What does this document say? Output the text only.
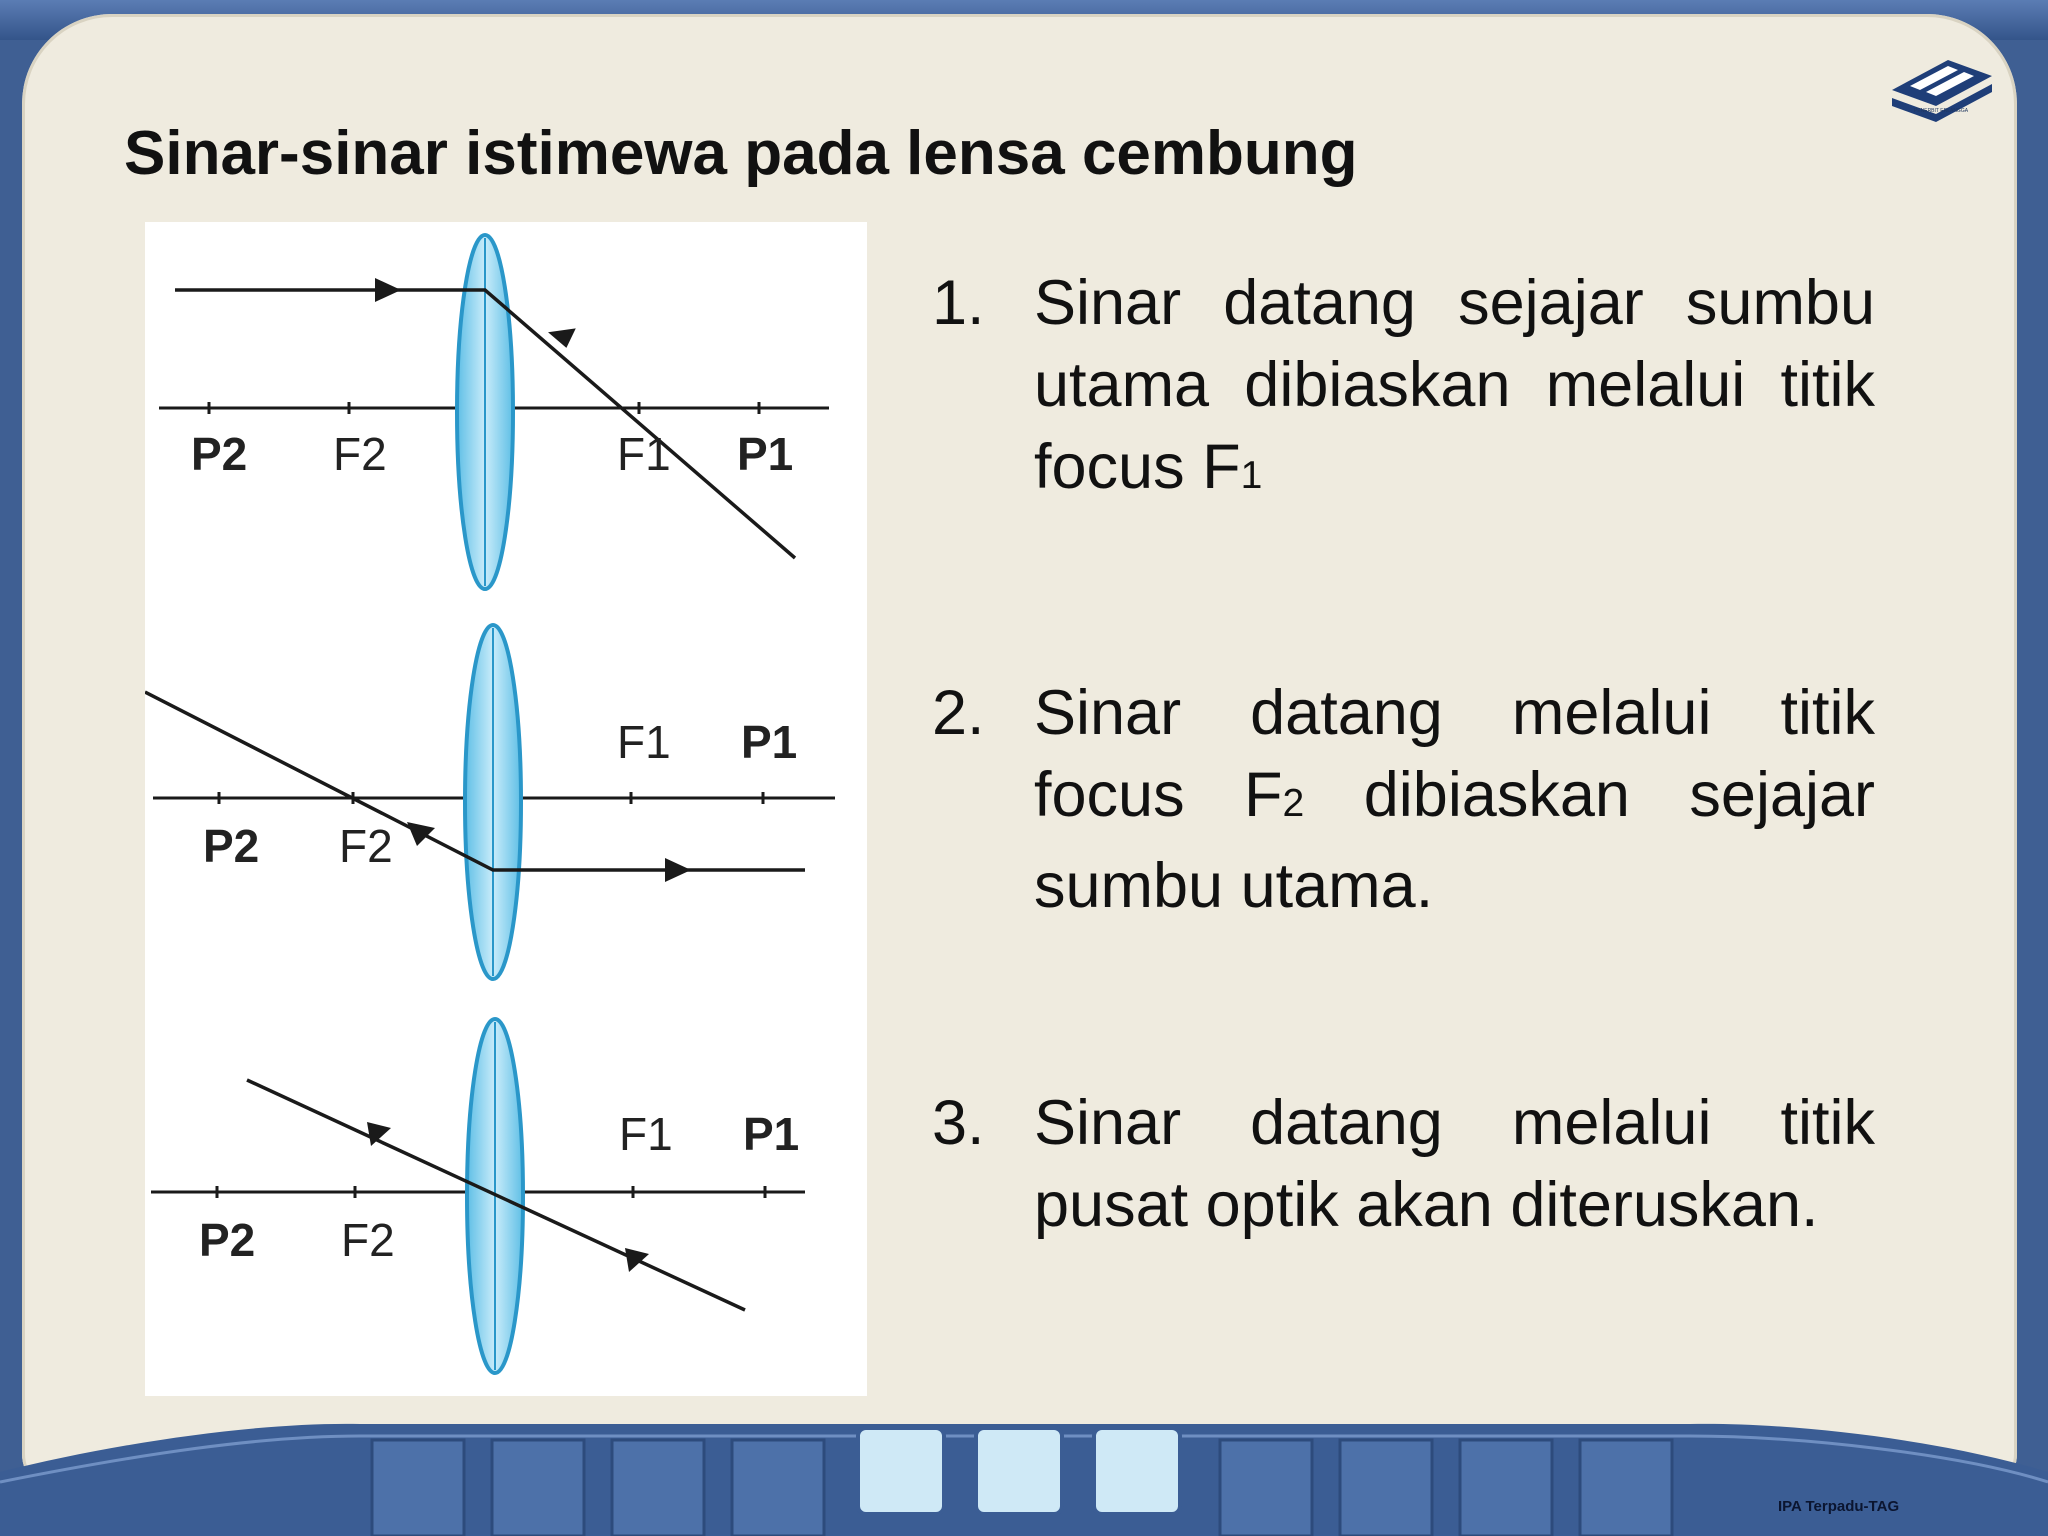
PENERBIT ERLANGGA
Sinar-sinar istimewa pada lensa cembung
P2 F2	F1 P1
P2 F2
F1 P1
P2 F2
F1 P1
1. Sinar datang sejajar sumbu utama dibiaskan melalui titik focus F1
2. Sinar datang melalui titik focus F2 dibiaskan sejajar sumbu utama.
3. Sinar datang melalui titik pusat optik akan diteruskan.
IPA Terpadu-TAG
